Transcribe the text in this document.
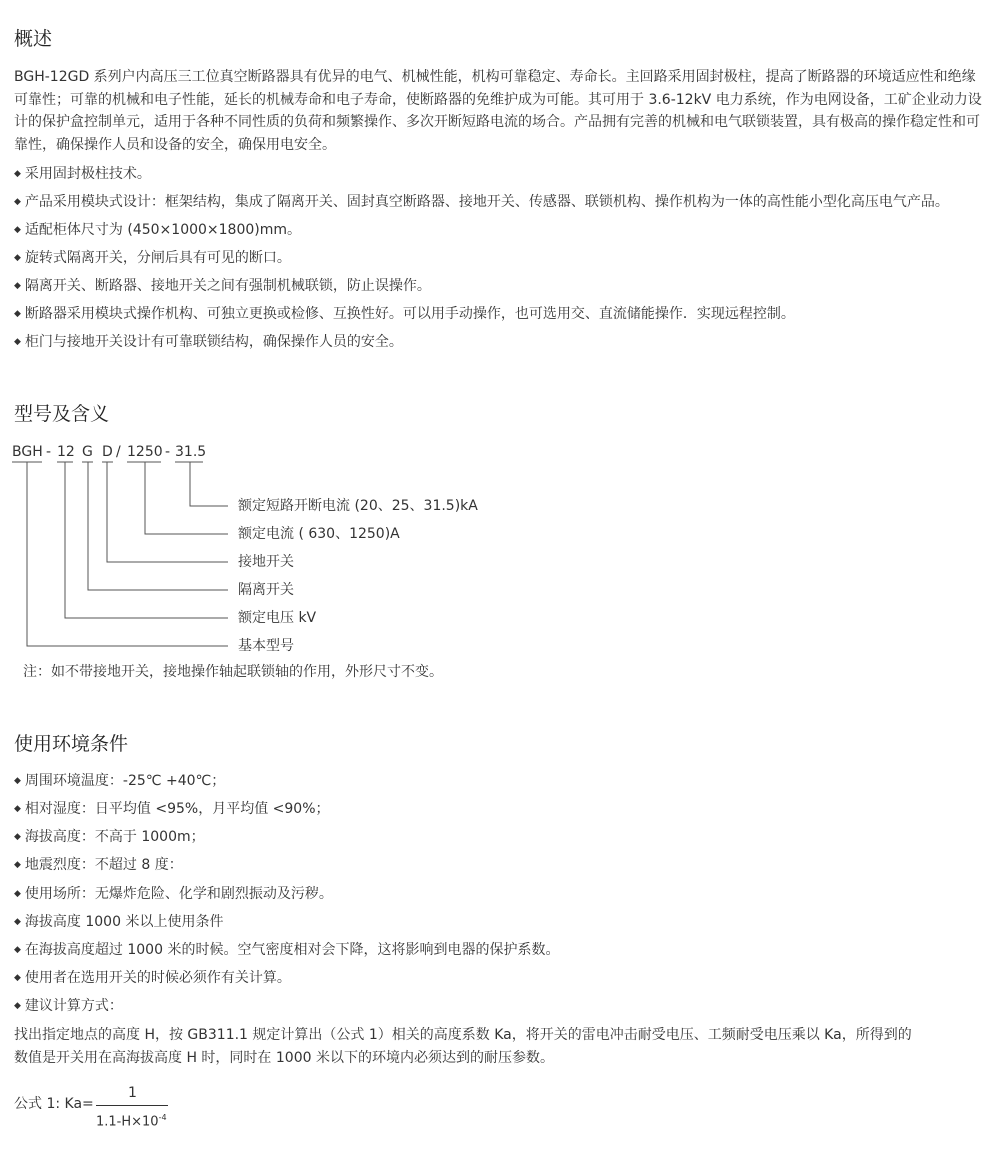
概述

BGH-12GD 系列户内高压三工位真空断路器具有优异的电气、机械性能，机构可靠稳定、寿命长。主回路采用固封极柱，提高了断路器的环境适应性和绝缘可靠性；可靠的机械和电子性能，延长的机械寿命和电子寿命，使断路器的免维护成为可能。其可用于 3.6-12kV 电力系统，作为电网设备，工矿企业动力设计的保护盒控制单元，适用于各种不同性质的负荷和频繁操作、多次开断短路电流的场合。产品拥有完善的机械和电气联锁装置，具有极高的操作稳定性和可靠性，确保操作人员和设备的安全，确保用电安全。

◆ 采用固封极柱技术。
◆ 产品采用模块式设计：框架结构，集成了隔离开关、固封真空断路器、接地开关、传感器、联锁机构、操作机构为一体的高性能小型化高压电气产品。
◆ 适配柜体尺寸为 (450×1000×1800)mm。
◆ 旋转式隔离开关，分闸后具有可见的断口。
◆ 隔离开关、断路器、接地开关之间有强制机械联锁，防止误操作。
◆ 断路器采用模块式操作机构、可独立更换或检修、互换性好。可以用手动操作，也可选用交、直流储能操作．实现远程控制。
◆ 柜门与接地开关设计有可靠联锁结构，确保操作人员的安全。
型号及含义
BGH - 12 G D / 1250 - 31.5
额定短路开断电流 (20、25、31.5)kA
额定电流 ( 630、1250)A
接地开关
隔离开关
额定电压 kV
基本型号
注：如不带接地开关，接地操作轴起联锁轴的作用，外形尺寸不变。
使用环境条件
◆ 周围环境温度：-25℃ +40℃；
◆ 相对湿度：日平均值 <95%，月平均值 <90%；
◆ 海拔高度：不高于 1000m；
◆ 地震烈度：不超过 8 度：
◆ 使用场所：无爆炸危险、化学和剧烈振动及污秽。
◆ 海拔高度 1000 米以上使用条件
◆ 在海拔高度超过 1000 米的时候。空气密度相对会下降，这将影响到电器的保护系数。
◆ 使用者在选用开关的时候必须作有关计算。
◆ 建议计算方式：
找出指定地点的高度 H，按 GB311.1 规定计算出（公式 1）相关的高度系数 Ka，将开关的雷电冲击耐受电压、工频耐受电压乘以 Ka，所得到的
数值是开关用在高海拔高度 H 时，同时在 1000 米以下的环境内必须达到的耐压参数。
公式 1: Ka=
1
$1.1-H\times 10^{-4}$
